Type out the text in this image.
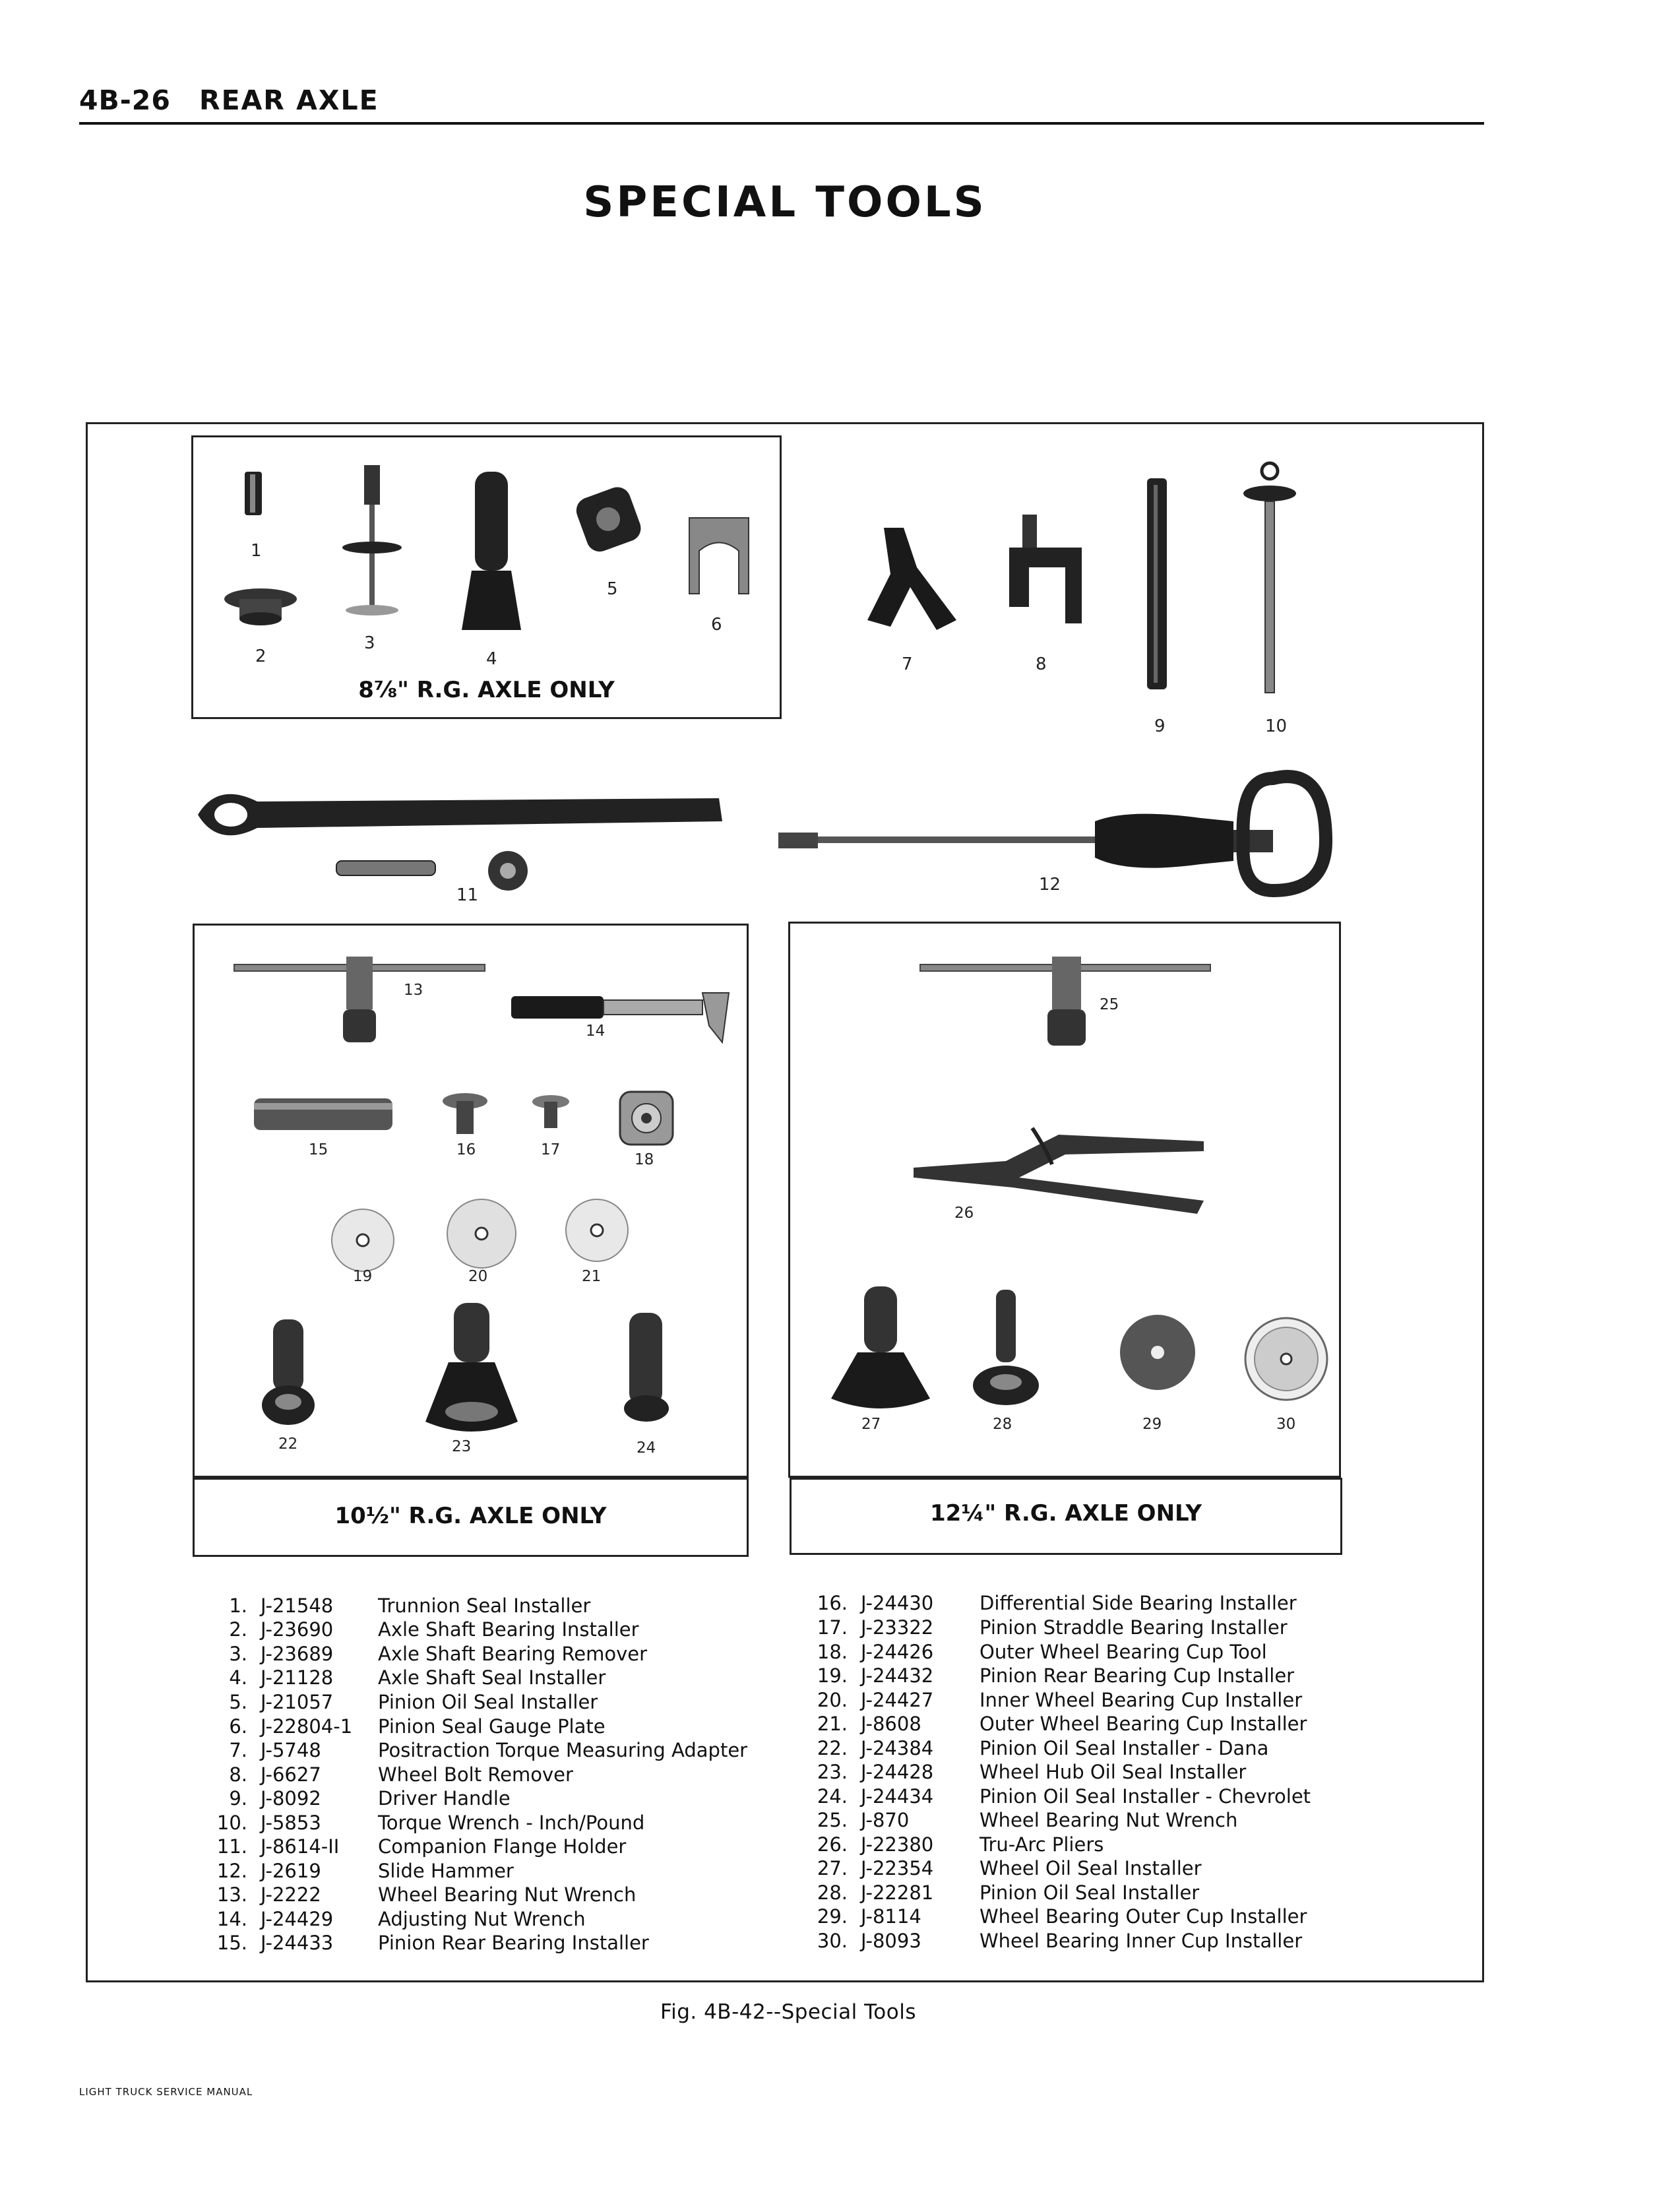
4B-26 REAR AXLE
SPECIAL TOOLS
8⅞" R.G. AXLE ONLY
10½" R.G. AXLE ONLY	12¼" R.G. AXLE ONLY
1
2
3
4
5
6
7	8
9	10
11
12
13
14
15	16	17
18
19	20	21
22	23	24
25
26
27	28	29	30
1. J-21548 Trunnion Seal Installer
2. J-23690 Axle Shaft Bearing Installer
3. J-23689 Axle Shaft Bearing Remover
4. J-21128 Axle Shaft Seal Installer
5. J-21057 Pinion Oil Seal Installer
6. J-22804-1 Pinion Seal Gauge Plate
7. J-5748	Positraction Torque Measuring Adapter
8. J-6627	Wheel Bolt Remover
9. J-8092	Driver Handle
10. J-5853	Torque Wrench - Inch/Pound
11. J-8614-II Companion Flange Holder
12. J-2619	Slide Hammer
13. J-2222	Wheel Bearing Nut Wrench
14. J-24429 Adjusting Nut Wrench
15. J-24433 Pinion Rear Bearing Installer
16. J-24430 Differential Side Bearing Installer
17. J-23322 Pinion Straddle Bearing Installer
18. J-24426 Outer Wheel Bearing Cup Tool
19. J-24432 Pinion Rear Bearing Cup Installer
20. J-24427 Inner Wheel Bearing Cup Installer
21. J-8608	Outer Wheel Bearing Cup Installer
22. J-24384 Pinion Oil Seal Installer - Dana
23. J-24428 Wheel Hub Oil Seal Installer
24. J-24434 Pinion Oil Seal Installer - Chevrolet
25. J-870	Wheel Bearing Nut Wrench
26. J-22380 Tru-Arc Pliers
27. J-22354 Wheel Oil Seal Installer
28. J-22281 Pinion Oil Seal Installer
29. J-8114	Wheel Bearing Outer Cup Installer
30. J-8093	Wheel Bearing Inner Cup Installer
Fig. 4B-42--Special Tools
LIGHT TRUCK SERVICE MANUAL
